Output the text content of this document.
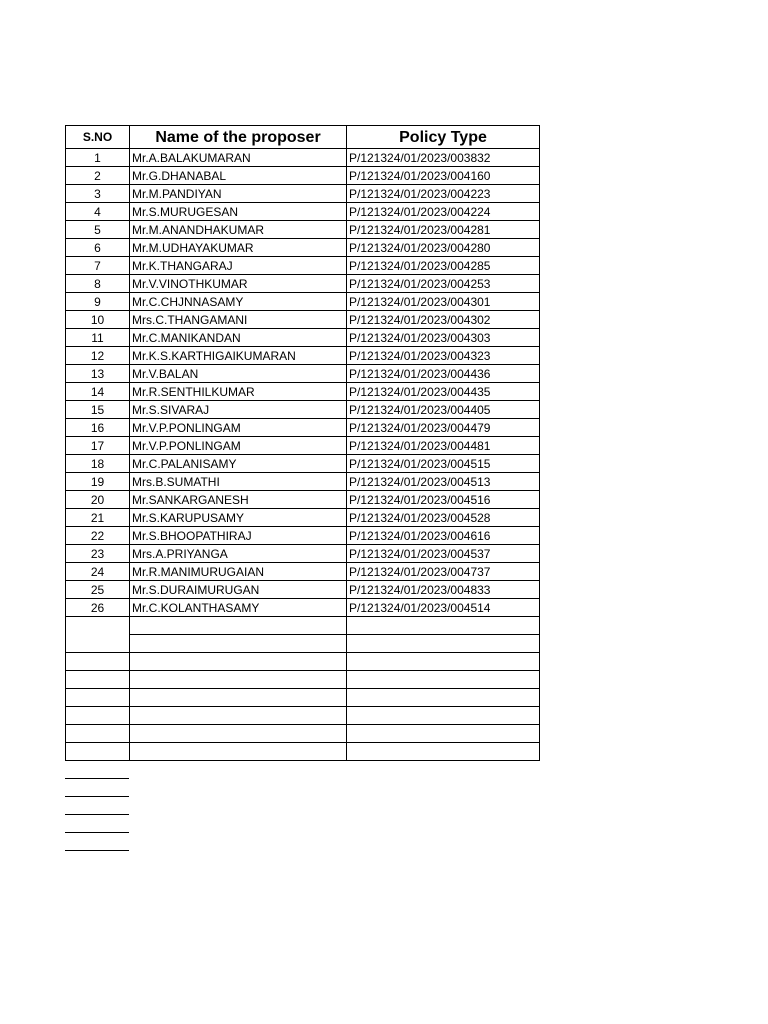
S.NO	Name of the proposer	Policy Type
1	Mr.A.BALAKUMARAN	P/121324/01/2023/003832
2	Mr.G.DHANABAL	P/121324/01/2023/004160
3	Mr.M.PANDIYAN	P/121324/01/2023/004223
4	Mr.S.MURUGESAN	P/121324/01/2023/004224
5	Mr.M.ANANDHAKUMAR	P/121324/01/2023/004281
6	Mr.M.UDHAYAKUMAR	P/121324/01/2023/004280
7	Mr.K.THANGARAJ	P/121324/01/2023/004285
8	Mr.V.VINOTHKUMAR	P/121324/01/2023/004253
9	Mr.C.CHJNNASAMY	P/121324/01/2023/004301
10	Mrs.C.THANGAMANI	P/121324/01/2023/004302
11	Mr.C.MANIKANDAN	P/121324/01/2023/004303
12	Mr.K.S.KARTHIGAIKUMARAN	P/121324/01/2023/004323
13	Mr.V.BALAN	P/121324/01/2023/004436
14	Mr.R.SENTHILKUMAR	P/121324/01/2023/004435
15	Mr.S.SIVARAJ	P/121324/01/2023/004405
16	Mr.V.P.PONLINGAM	P/121324/01/2023/004479
17	Mr.V.P.PONLINGAM	P/121324/01/2023/004481
18	Mr.C.PALANISAMY	P/121324/01/2023/004515
19	Mrs.B.SUMATHI	P/121324/01/2023/004513
20	Mr.SANKARGANESH	P/121324/01/2023/004516
21	Mr.S.KARUPUSAMY	P/121324/01/2023/004528
22	Mr.S.BHOOPATHIRAJ	P/121324/01/2023/004616
23	Mrs.A.PRIYANGA	P/121324/01/2023/004537
24	Mr.R.MANIMURUGAIAN	P/121324/01/2023/004737
25	Mr.S.DURAIMURUGAN	P/121324/01/2023/004833
26	Mr.C.KOLANTHASAMY	P/121324/01/2023/004514
